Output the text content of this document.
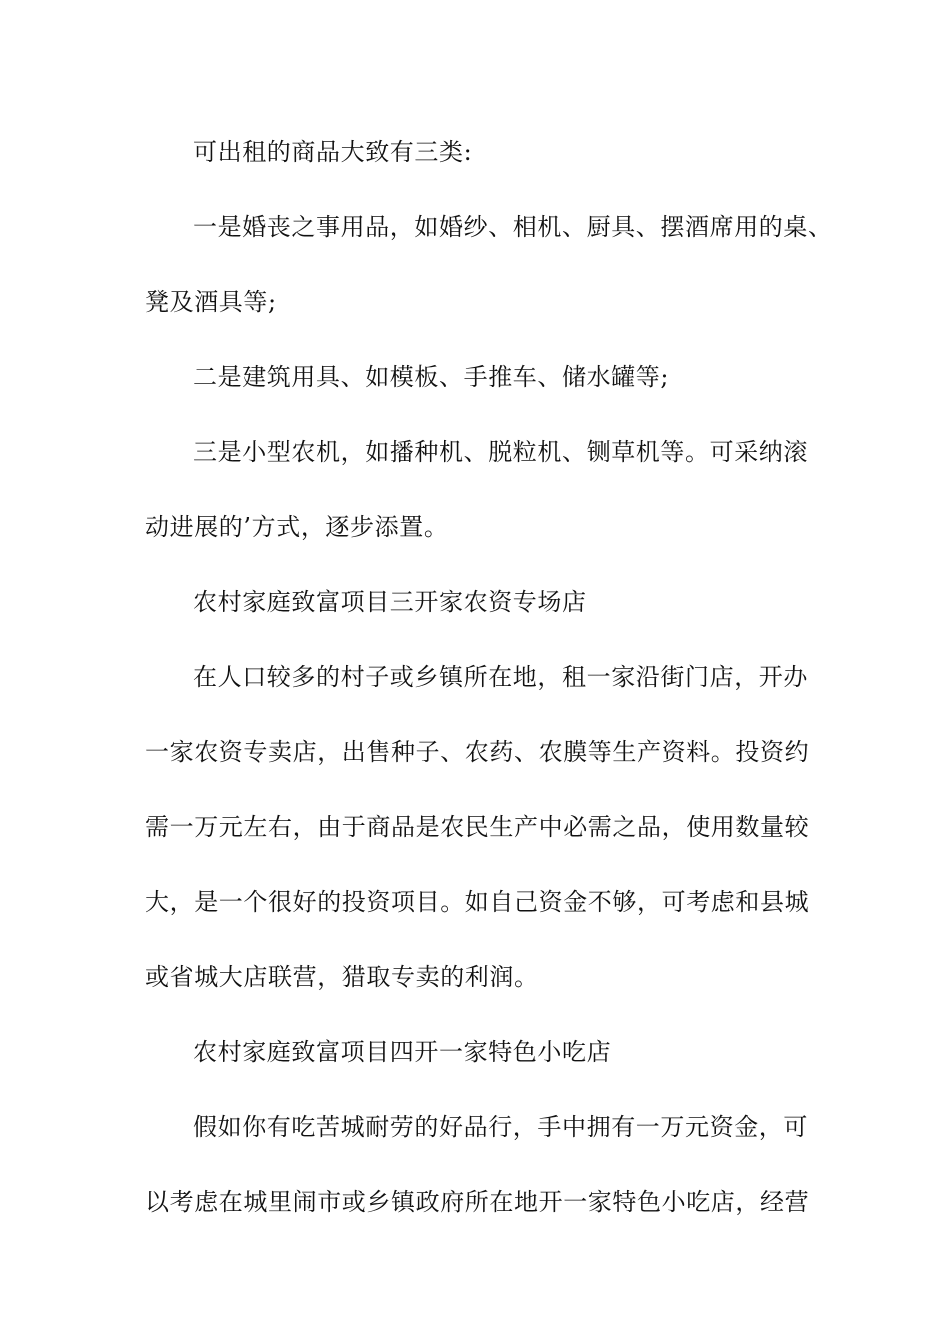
可出租的商品大致有三类:
一是婚丧之事用品，如婚纱、相机、厨具、摆酒席用的桌、
凳及酒具等;
二是建筑用具、如模板、手推车、储水罐等;
三是小型农机，如播种机、脱粒机、铡草机等。可采纳滚
动进展的’方式，逐步添置。
农村家庭致富项目三开家农资专场店
在人口较多的村子或乡镇所在地，租一家沿街门店，开办
一家农资专卖店，出售种子、农药、农膜等生产资料。投资约
需一万元左右，由于商品是农民生产中必需之品，使用数量较
大，是一个很好的投资项目。如自己资金不够，可考虑和县城
或省城大店联营，猎取专卖的利润。
农村家庭致富项目四开一家特色小吃店
假如你有吃苦城耐劳的好品行，手中拥有一万元资金，可
以考虑在城里闹市或乡镇政府所在地开一家特色小吃店，经营
